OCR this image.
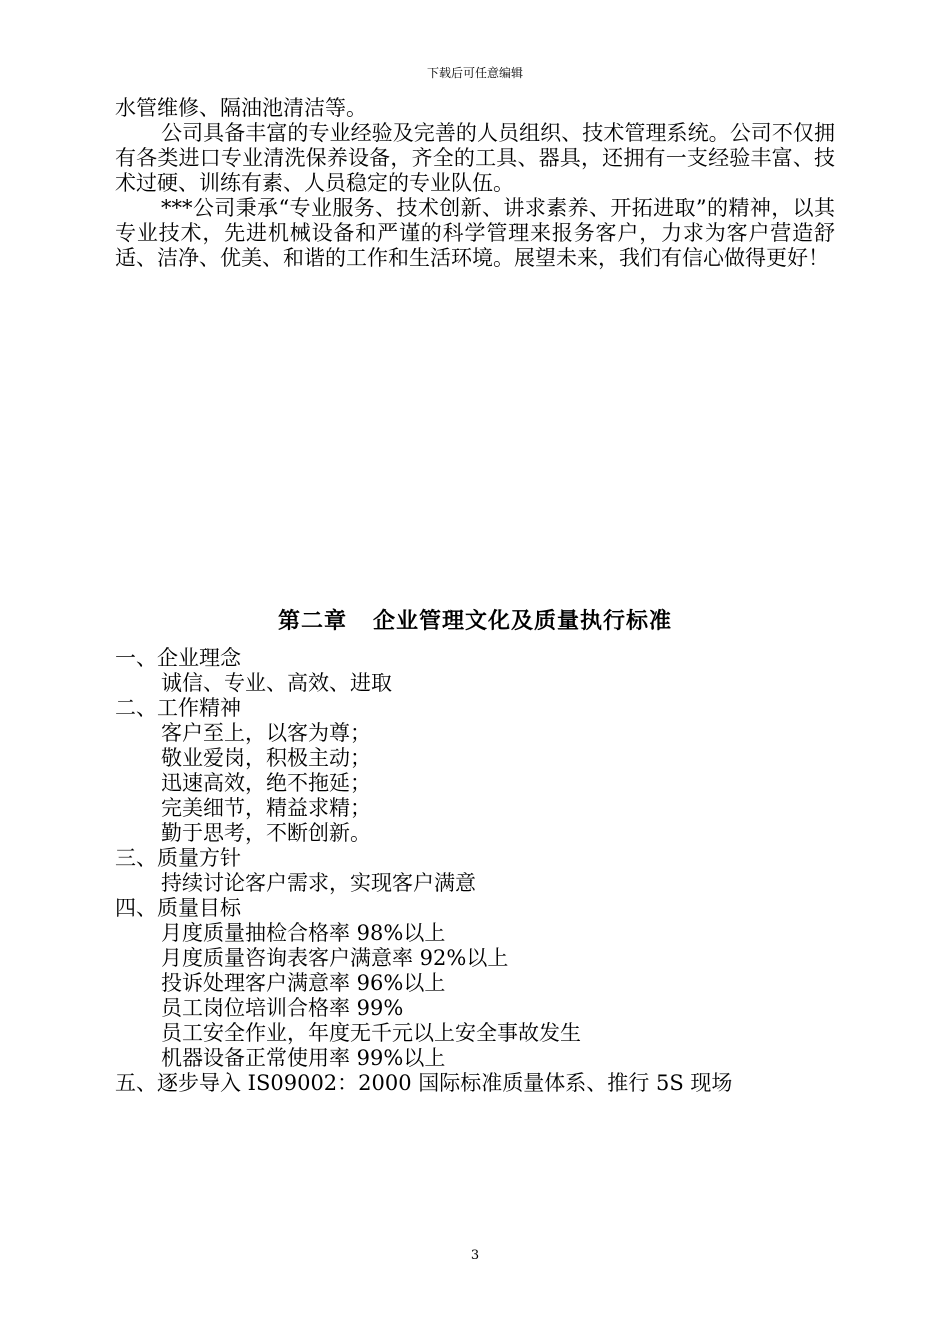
下载后可任意编辑

水管维修、隔油池清洁等。

公司具备丰富的专业经验及完善的人员组织、技术管理系统。公司不仅拥有各类进口专业清洗保养设备，齐全的工具、器具，还拥有一支经验丰富、技术过硬、训练有素、人员稳定的专业队伍。

***公司秉承“专业服务、技术创新、讲求素养、开拓进取”的精神，以其专业技术，先进机械设备和严谨的科学管理来报务客户，力求为客户营造舒适、洁净、优美、和谐的工作和生活环境。展望未来，我们有信心做得更好！

第二章   企业管理文化及质量执行标准

一、企业理念

诚信、专业、高效、进取

二、工作精神

客户至上，以客为尊；

敬业爱岗，积极主动；

迅速高效，绝不拖延；

完美细节，精益求精；

勤于思考，不断创新。

三、质量方针

持续讨论客户需求，实现客户满意

四、质量目标

月度质量抽检合格率 98%以上

月度质量咨询表客户满意率 92%以上

投诉处理客户满意率 96%以上

员工岗位培训合格率 99%

员工安全作业，年度无千元以上安全事故发生

机器设备正常使用率 99%以上

五、逐步导入 IS09002：2000 国际标准质量体系、推行 5S 现场

3
